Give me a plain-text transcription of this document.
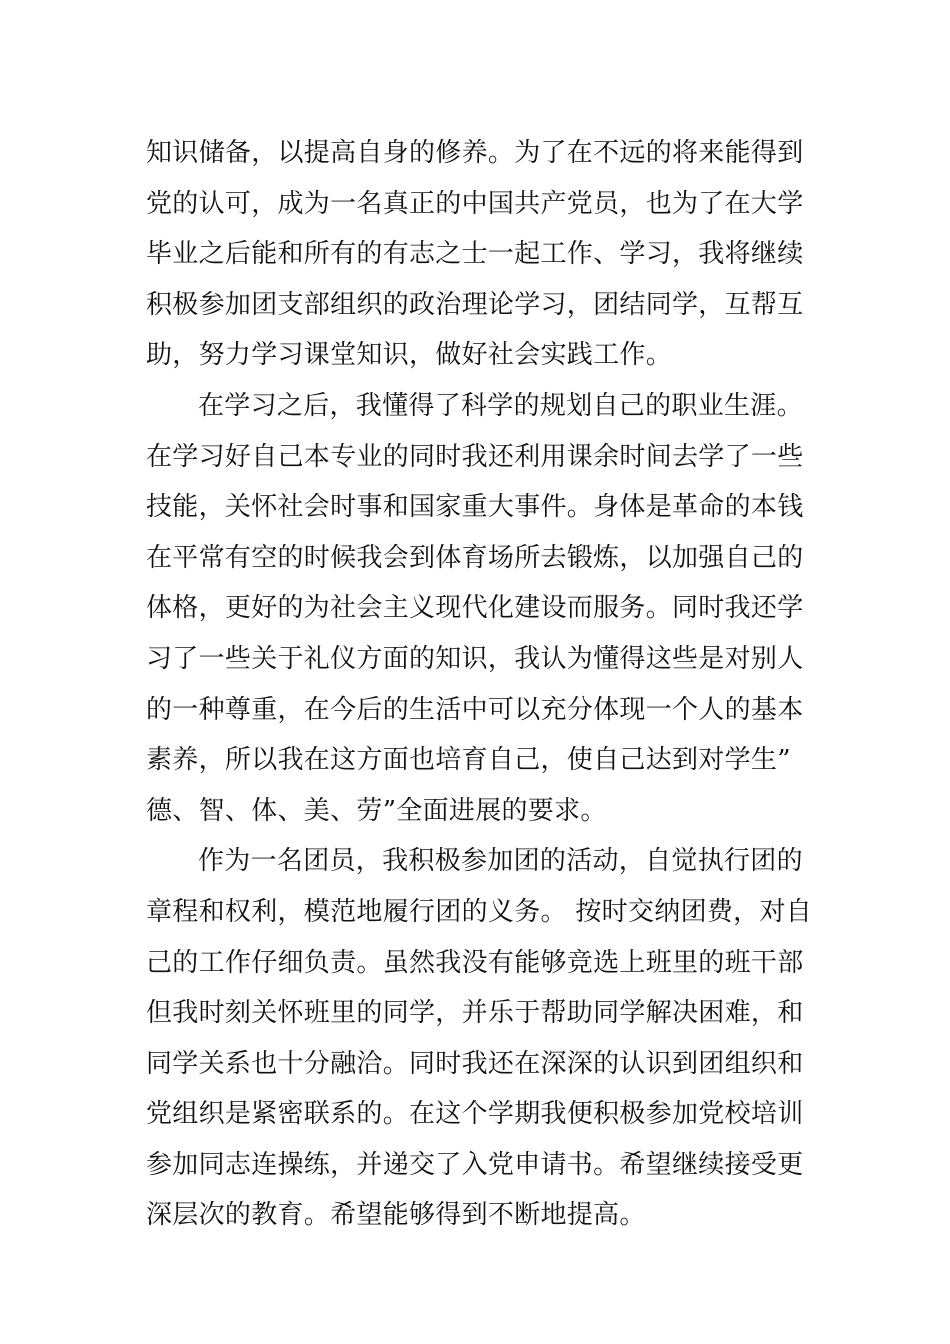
知识储备，以提高自身的修养。为了在不远的将来能得到
党的认可，成为一名真正的中国共产党员，也为了在大学
毕业之后能和所有的有志之士一起工作、学习，我将继续
积极参加团支部组织的政治理论学习，团结同学，互帮互
助，努力学习课堂知识，做好社会实践工作。
在学习之后，我懂得了科学的规划自己的职业生涯。
在学习好自己本专业的同时我还利用课余时间去学了一些
技能，关怀社会时事和国家重大事件。身体是革命的本钱
在平常有空的时候我会到体育场所去锻炼，以加强自己的
体格，更好的为社会主义现代化建设而服务。同时我还学
习了一些关于礼仪方面的知识，我认为懂得这些是对别人
的一种尊重，在今后的生活中可以充分体现一个人的基本
素养，所以我在这方面也培育自己，使自己达到对学生”
德、智、体、美、劳”全面进展的要求。
作为一名团员，我积极参加团的活动，自觉执行团的
章程和权利，模范地履行团的义务。 按时交纳团费，对自
己的工作仔细负责。虽然我没有能够竞选上班里的班干部
但我时刻关怀班里的同学，并乐于帮助同学解决困难，和
同学关系也十分融洽。同时我还在深深的认识到团组织和
党组织是紧密联系的。在这个学期我便积极参加党校培训
参加同志连操练，并递交了入党申请书。希望继续接受更
深层次的教育。希望能够得到不断地提高。
